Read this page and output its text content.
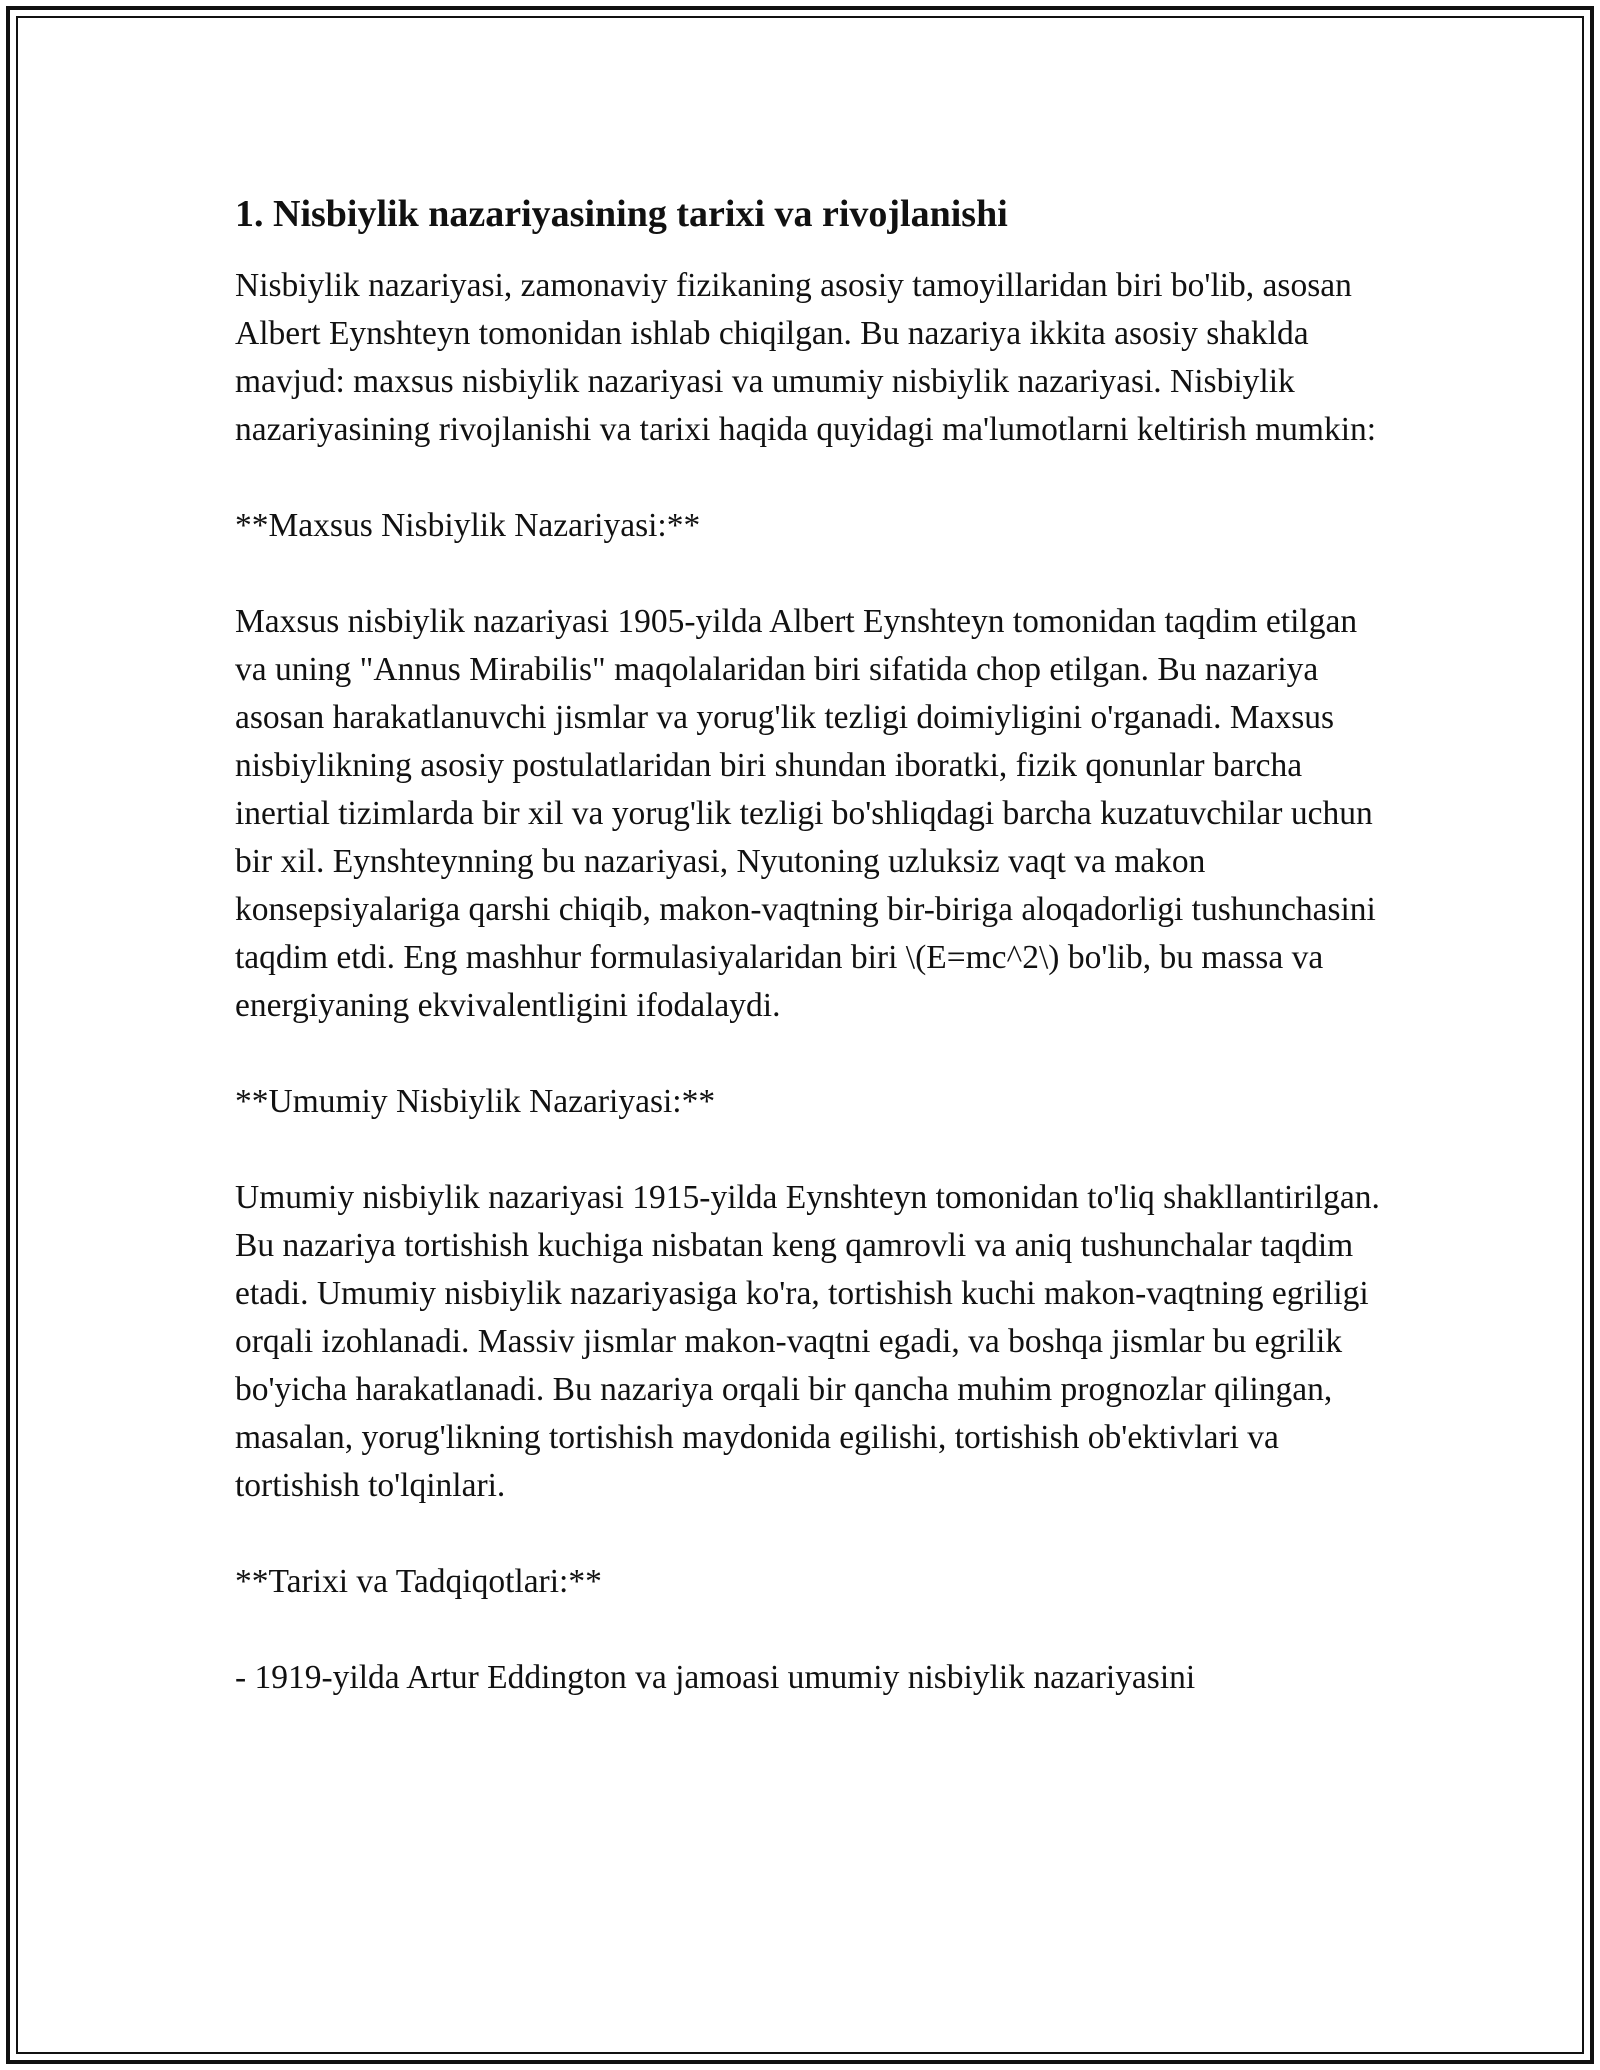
1. Nisbiylik nazariyasining tarixi va rivojlanishi

Nisbiylik nazariyasi, zamonaviy fizikaning asosiy tamoyillaridan biri bo'lib, asosan Albert Eynshteyn tomonidan ishlab chiqilgan. Bu nazariya ikkita asosiy shaklda mavjud: maxsus nisbiylik nazariyasi va umumiy nisbiylik nazariyasi. Nisbiylik nazariyasining rivojlanishi va tarixi haqida quyidagi ma'lumotlarni keltirish mumkin:

**Maxsus Nisbiylik Nazariyasi:**

Maxsus nisbiylik nazariyasi 1905-yilda Albert Eynshteyn tomonidan taqdim etilgan va uning "Annus Mirabilis" maqolalaridan biri sifatida chop etilgan. Bu nazariya asosan harakatlanuvchi jismlar va yorug'lik tezligi doimiyligini o'rganadi. Maxsus nisbiylikning asosiy postulatlaridan biri shundan iboratki, fizik qonunlar barcha inertial tizimlarda bir xil va yorug'lik tezligi bo'shliqdagi barcha kuzatuvchilar uchun bir xil. Eynshteynning bu nazariyasi, Nyutoning uzluksiz vaqt va makon konsepsiyalariga qarshi chiqib, makon-vaqtning bir-biriga aloqadorligi tushunchasini taqdim etdi. Eng mashhur formulasiyalaridan biri \(E=mc^2\) bo'lib, bu massa va energiyaning ekvivalentligini ifodalaydi.

**Umumiy Nisbiylik Nazariyasi:**

Umumiy nisbiylik nazariyasi 1915-yilda Eynshteyn tomonidan to'liq shakllantirilgan. Bu nazariya tortishish kuchiga nisbatan keng qamrovli va aniq tushunchalar taqdim etadi. Umumiy nisbiylik nazariyasiga ko'ra, tortishish kuchi makon-vaqtning egriligi orqali izohlanadi. Massiv jismlar makon-vaqtni egadi, va boshqa jismlar bu egrilik bo'yicha harakatlanadi. Bu nazariya orqali bir qancha muhim prognozlar qilingan, masalan, yorug'likning tortishish maydonida egilishi, tortishish ob'ektivlari va tortishish to'lqinlari.

**Tarixi va Tadqiqotlari:**

- 1919-yilda Artur Eddington va jamoasi umumiy nisbiylik nazariyasini
